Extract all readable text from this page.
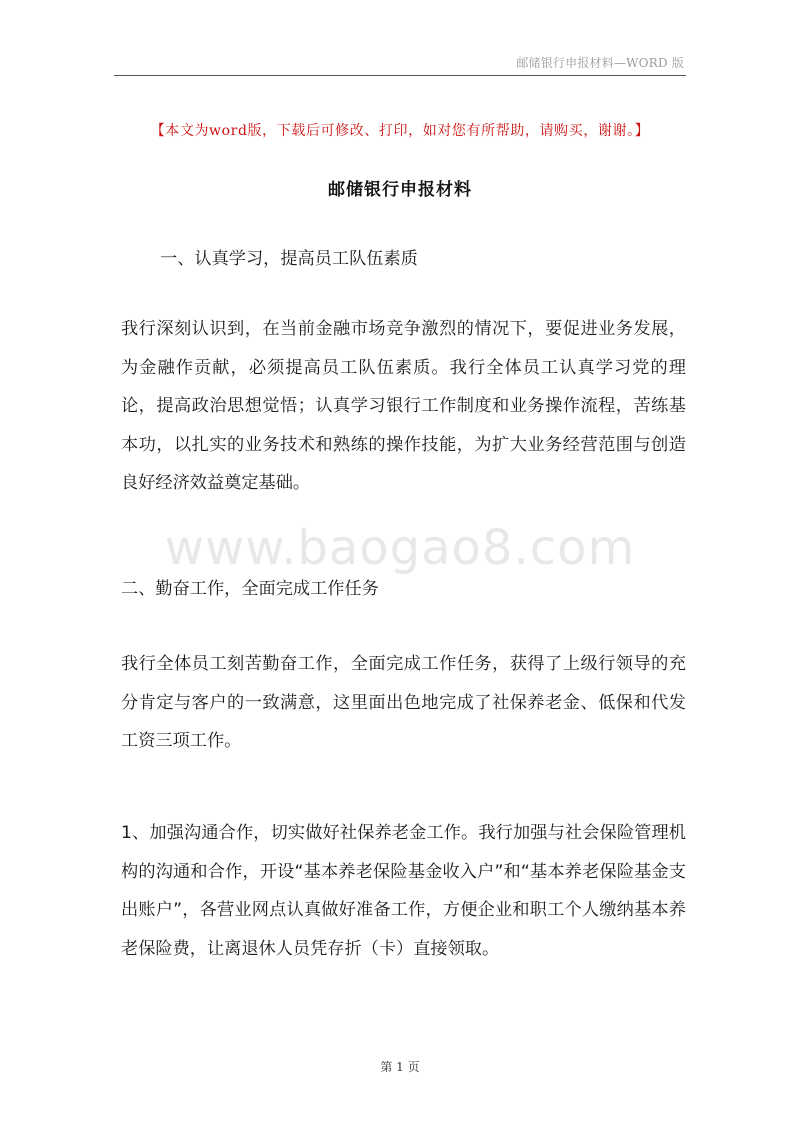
邮储银行申报材料—WORD 版
【本文为word版，下载后可修改、打印，如对您有所帮助，请购买，谢谢。】
邮储银行申报材料
一、认真学习，提高员工队伍素质
我行深刻认识到，在当前金融市场竞争激烈的情况下，要促进业务发展，为金融作贡献，必须提高员工队伍素质。我行全体员工认真学习党的理论，提高政治思想觉悟；认真学习银行工作制度和业务操作流程，苦练基本功，以扎实的业务技术和熟练的操作技能，为扩大业务经营范围与创造良好经济效益奠定基础。
www.baogao8.com
二、勤奋工作，全面完成工作任务
我行全体员工刻苦勤奋工作，全面完成工作任务，获得了上级行领导的充分肯定与客户的一致满意，这里面出色地完成了社保养老金、低保和代发工资三项工作。
1、加强沟通合作，切实做好社保养老金工作。我行加强与社会保险管理机构的沟通和合作，开设“基本养老保险基金收入户”和“基本养老保险基金支出账户”，各营业网点认真做好准备工作，方便企业和职工个人缴纳基本养老保险费，让离退休人员凭存折（卡）直接领取。
第 1 页
